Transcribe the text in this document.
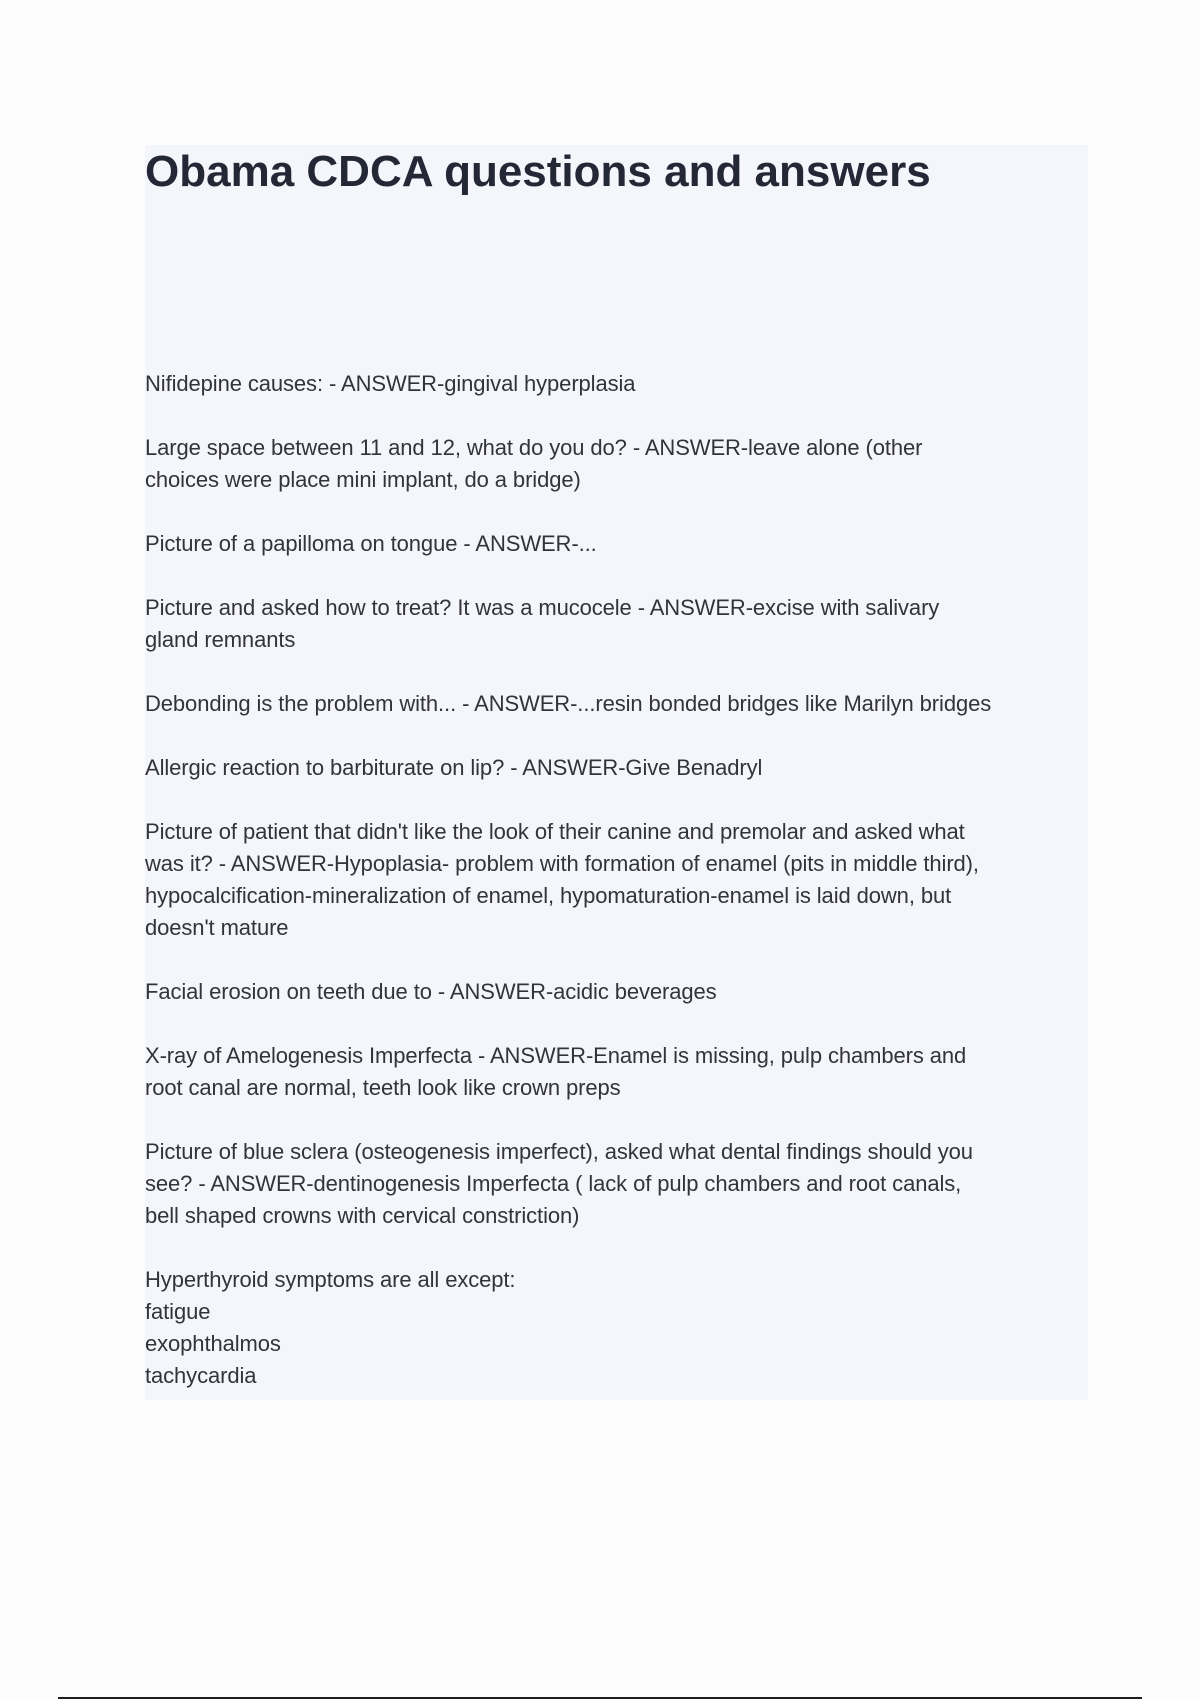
Obama CDCA questions and answers
Nifidepine causes: - ANSWER-gingival hyperplasia
Large space between 11 and 12, what do you do? - ANSWER-leave alone (other
choices were place mini implant, do a bridge)
Picture of a papilloma on tongue - ANSWER-...
Picture and asked how to treat? It was a mucocele - ANSWER-excise with salivary
gland remnants
Debonding is the problem with... - ANSWER-...resin bonded bridges like Marilyn bridges
Allergic reaction to barbiturate on lip? - ANSWER-Give Benadryl
Picture of patient that didn't like the look of their canine and premolar and asked what
was it? - ANSWER-Hypoplasia- problem with formation of enamel (pits in middle third),
hypocalcification-mineralization of enamel, hypomaturation-enamel is laid down, but
doesn't mature
Facial erosion on teeth due to - ANSWER-acidic beverages
X-ray of Amelogenesis Imperfecta - ANSWER-Enamel is missing, pulp chambers and
root canal are normal, teeth look like crown preps
Picture of blue sclera (osteogenesis imperfect), asked what dental findings should you
see? - ANSWER-dentinogenesis Imperfecta ( lack of pulp chambers and root canals,
bell shaped crowns with cervical constriction)
Hyperthyroid symptoms are all except:
fatigue
exophthalmos
tachycardia
